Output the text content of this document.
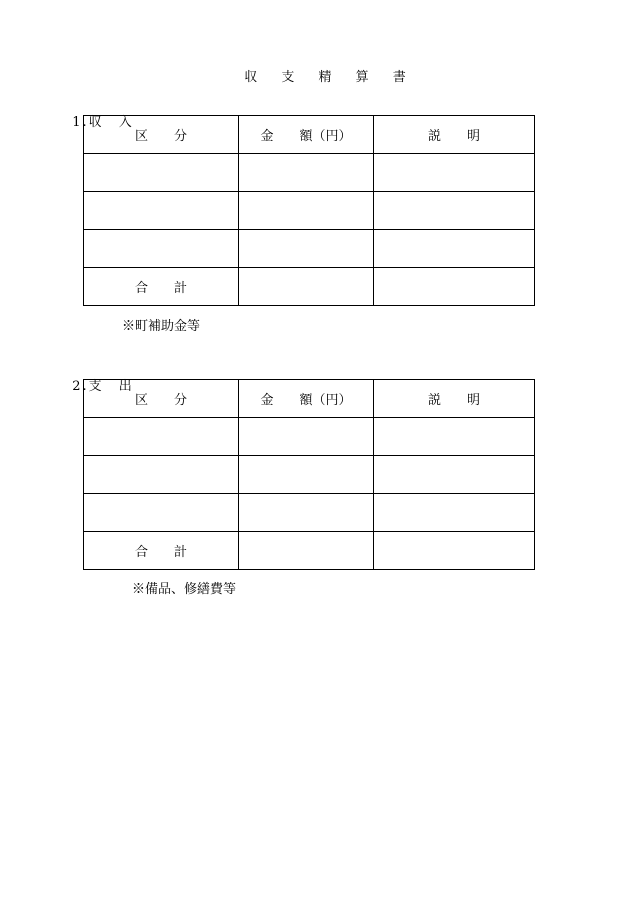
収 支 精 算 書

1.収　 入

区　　分	金　　額（円）	説　　明

合　　計		
※町補助金等

2.支　 出

区　　分	金　　額（円）	説　　明

合　　計		
※備品、修繕費等
